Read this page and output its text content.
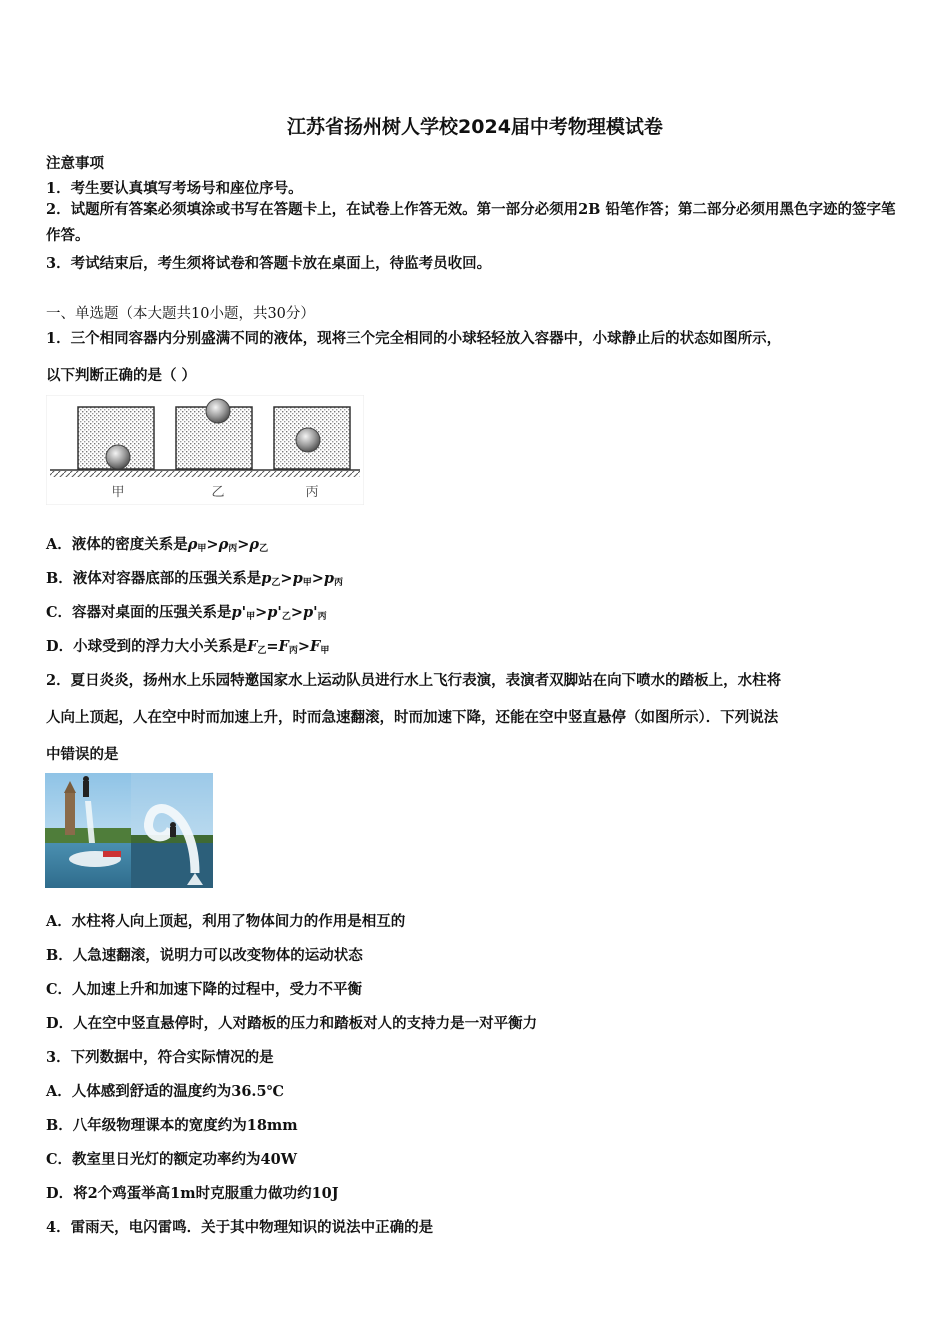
江苏省扬州树人学校2024届中考物理模试卷
注意事项
1．考生要认真填写考场号和座位序号。
2．试题所有答案必须填涂或书写在答题卡上，在试卷上作答无效。第一部分必须用2B 铅笔作答；第二部分必须用黑色字迹的签字笔作答。
3．考试结束后，考生须将试卷和答题卡放在桌面上，待监考员收回。
一、单选题（本大题共10小题，共30分）
1．三个相同容器内分别盛满不同的液体，现将三个完全相同的小球轻轻放入容器中，小球静止后的状态如图所示，
以下判断正确的是（ ）
甲	乙	丙
A．液体的密度关系是$\rho_甲>\rho_丙>\rho_乙$
B．液体对容器底部的压强关系是$p_乙>p_甲>p_丙$
C．容器对桌面的压强关系是$p'_甲>p'_乙>p'_丙$
D．小球受到的浮力大小关系是$F_乙=F_丙>F_甲$
2．夏日炎炎，扬州水上乐园特邀国家水上运动队员进行水上飞行表演，表演者双脚站在向下喷水的踏板上，水柱将
人向上顶起，人在空中时而加速上升，时而急速翻滚，时而加速下降，还能在空中竖直悬停（如图所示）．下列说法
中错误的是
A．水柱将人向上顶起，利用了物体间力的作用是相互的
B．人急速翻滚，说明力可以改变物体的运动状态
C．人加速上升和加速下降的过程中，受力不平衡
D．人在空中竖直悬停时，人对踏板的压力和踏板对人的支持力是一对平衡力
3．下列数据中，符合实际情况的是
A．人体感到舒适的温度约为36.5℃
B．八年级物理课本的宽度约为18mm
C．教室里日光灯的额定功率约为40W
D．将2个鸡蛋举高1m时克服重力做功约10J
4．雷雨天，电闪雷鸣．关于其中物理知识的说法中正确的是
